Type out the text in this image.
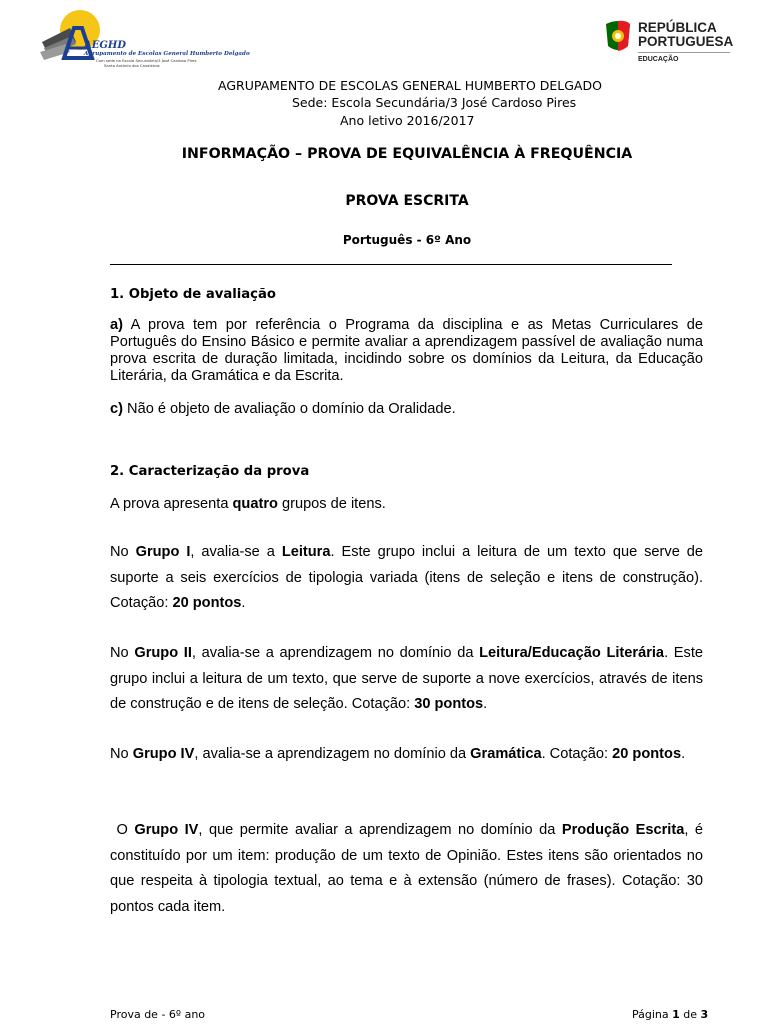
AEGHD
Agrupamento de Escolas General Humberto Delgado
Com sede na Escola Secundária/3 José Cardoso Pires
Santo António dos Cavaleiros
REPÚBLICA
PORTUGUESA
EDUCAÇÃO
AGRUPAMENTO DE ESCOLAS GENERAL HUMBERTO DELGADO
Sede: Escola Secundária/3 José Cardoso Pires
Ano letivo 2016/2017
INFORMAÇÃO – PROVA DE EQUIVALÊNCIA À FREQUÊNCIA
PROVA ESCRITA
Português - 6º Ano
1. Objeto de avaliação
a) A prova tem por referência o Programa da disciplina e as Metas Curriculares de Português do Ensino Básico e permite avaliar a aprendizagem passível de avaliação numa prova escrita de duração limitada, incidindo sobre os domínios da Leitura, da Educação Literária, da Gramática e da Escrita.
c) Não é objeto de avaliação o domínio da Oralidade.
2. Caracterização da prova
A prova apresenta quatro grupos de itens.
No Grupo I, avalia-se a Leitura. Este grupo inclui a leitura de um texto que serve de suporte a seis exercícios de tipologia variada (itens de seleção e itens de construção). Cotação: 20 pontos.
No Grupo II, avalia-se a aprendizagem no domínio da Leitura/Educação Literária. Este grupo inclui a leitura de um texto, que serve de suporte a nove exercícios, através de itens de construção e de itens de seleção. Cotação: 30 pontos.
No Grupo IV, avalia-se a aprendizagem no domínio da Gramática. Cotação: 20 pontos.
O Grupo IV, que permite avaliar a aprendizagem no domínio da Produção Escrita, é constituído por um item: produção de um texto de Opinião. Estes itens são orientados no que respeita à tipologia textual, ao tema e à extensão (número de frases). Cotação: 30 pontos cada item.
Prova de - 6º ano	Página 1 de 3
